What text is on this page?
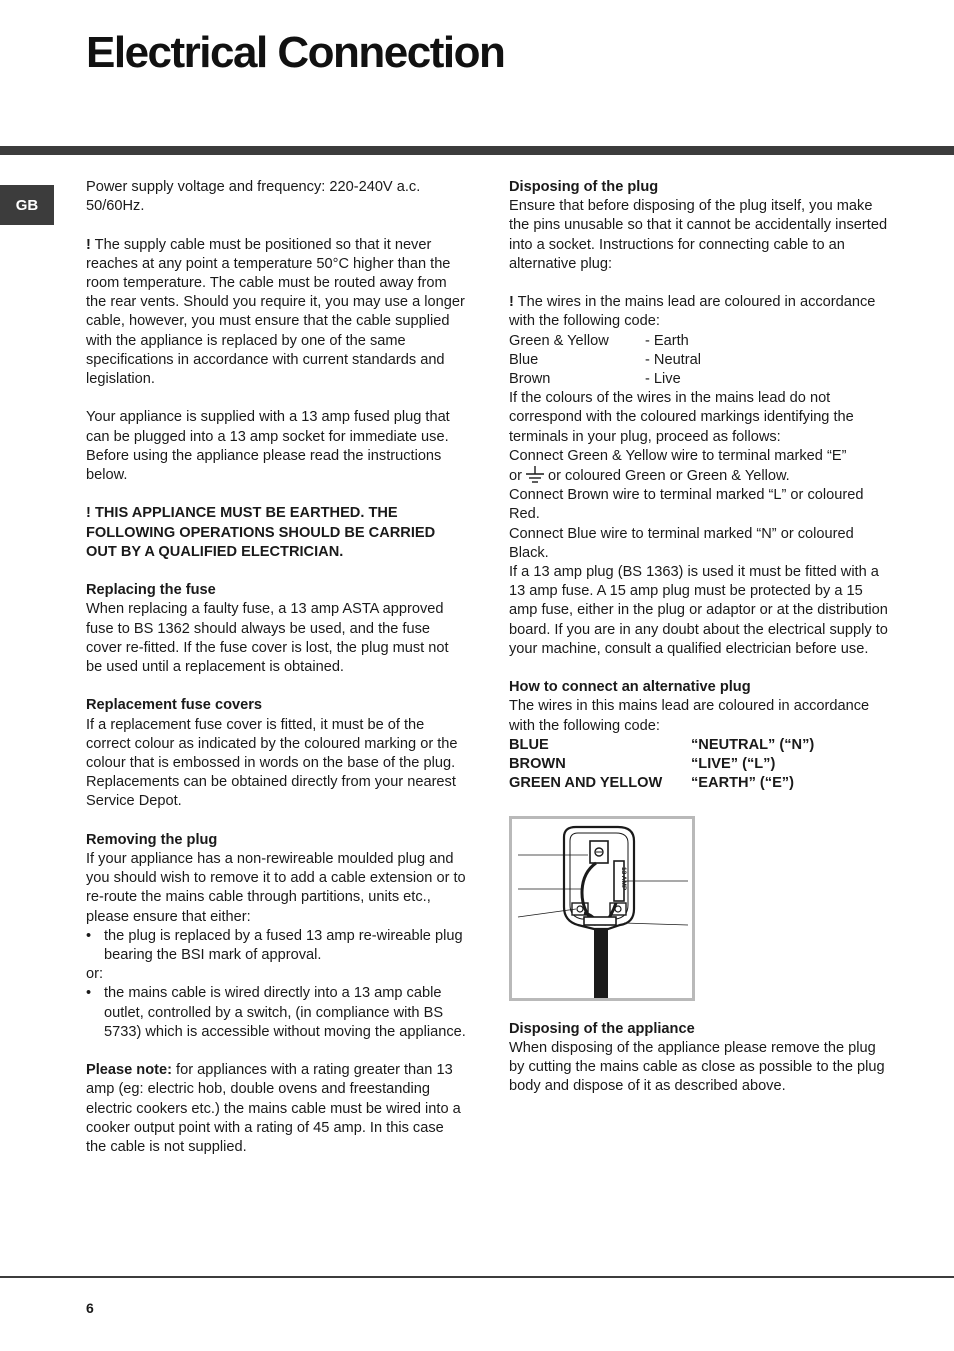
Electrical Connection
GB

Power supply voltage and frequency: 220-240V a.c. 50/60Hz.

! The supply cable must be positioned so that it never reaches at any point a temperature 50°C higher than the room temperature. The cable must be routed away from the rear vents. Should you require it, you may use a longer cable, however, you must ensure that the cable supplied with the appliance is replaced by one of the same specifications in accordance with current standards and legislation.

Your appliance is supplied with a 13 amp fused plug that can be plugged into a 13 amp socket for immediate use. Before using the appliance please read the instructions below.

! THIS APPLIANCE MUST BE EARTHED. THE FOLLOWING OPERATIONS SHOULD BE CARRIED OUT BY A QUALIFIED ELECTRICIAN.

Replacing the fuse

When replacing a faulty fuse, a 13 amp ASTA approved fuse to BS 1362 should always be used, and the fuse cover re-fitted. If the fuse cover is lost, the plug must not be used until a replacement is obtained.

Replacement fuse covers

If a replacement fuse cover is fitted, it must be of the correct colour as indicated by the coloured marking or the colour that is embossed in words on the base of the plug. Replacements can be obtained directly from your nearest Service Depot.

Removing the plug

If your appliance has a non-rewireable moulded plug and you should wish to remove it to add a cable extension or to re-route the mains cable through partitions, units etc., please ensure that either:

• the plug is replaced by a fused 13 amp re-wireable plug bearing the BSI mark of approval.

or:

• the mains cable is wired directly into a 13 amp cable outlet, controlled by a switch, (in compliance with BS 5733) which is accessible without moving the appliance.

Please note: for appliances with a rating greater than 13 amp (eg: electric hob, double ovens and freestanding electric cookers etc.) the mains cable must be wired into a cooker output point with a rating of 45 amp. In this case the cable is not supplied.

Disposing of the plug

Ensure that before disposing of the plug itself, you make the pins unusable so that it cannot be accidentally inserted into a socket. Instructions for connecting cable to an alternative plug:

! The wires in the mains lead are coloured in accordance with the following code:

Green & Yellow	- Earth
Blue	- Neutral
Brown	- Live

If the colours of the wires in the mains lead do not correspond with the coloured markings identifying the terminals in your plug, proceed as follows:

Connect Green & Yellow wire to terminal marked “E”

or or coloured Green or Green & Yellow.

Connect Brown wire to terminal marked “L” or coloured Red.

Connect Blue wire to terminal marked “N” or coloured Black.

If a 13 amp plug (BS 1363) is used it must be fitted with a 13 amp fuse. A 15 amp plug must be protected by a 15 amp fuse, either in the plug or adaptor or at the distribution board. If you are in any doubt about the electrical supply to your machine, consult a qualified electrician before use.

How to connect an alternative plug

The wires in this mains lead are coloured in accordance with the following code:

BLUE	“NEUTRAL” (“N”)
BROWN	“LIVE” (“L”)
GREEN AND YELLOW	“EARTH” (“E”)
13 AMP

Disposing of the appliance

When disposing of the appliance please remove the plug by cutting the mains cable as close as possible to the plug body and dispose of it as described above.

6
